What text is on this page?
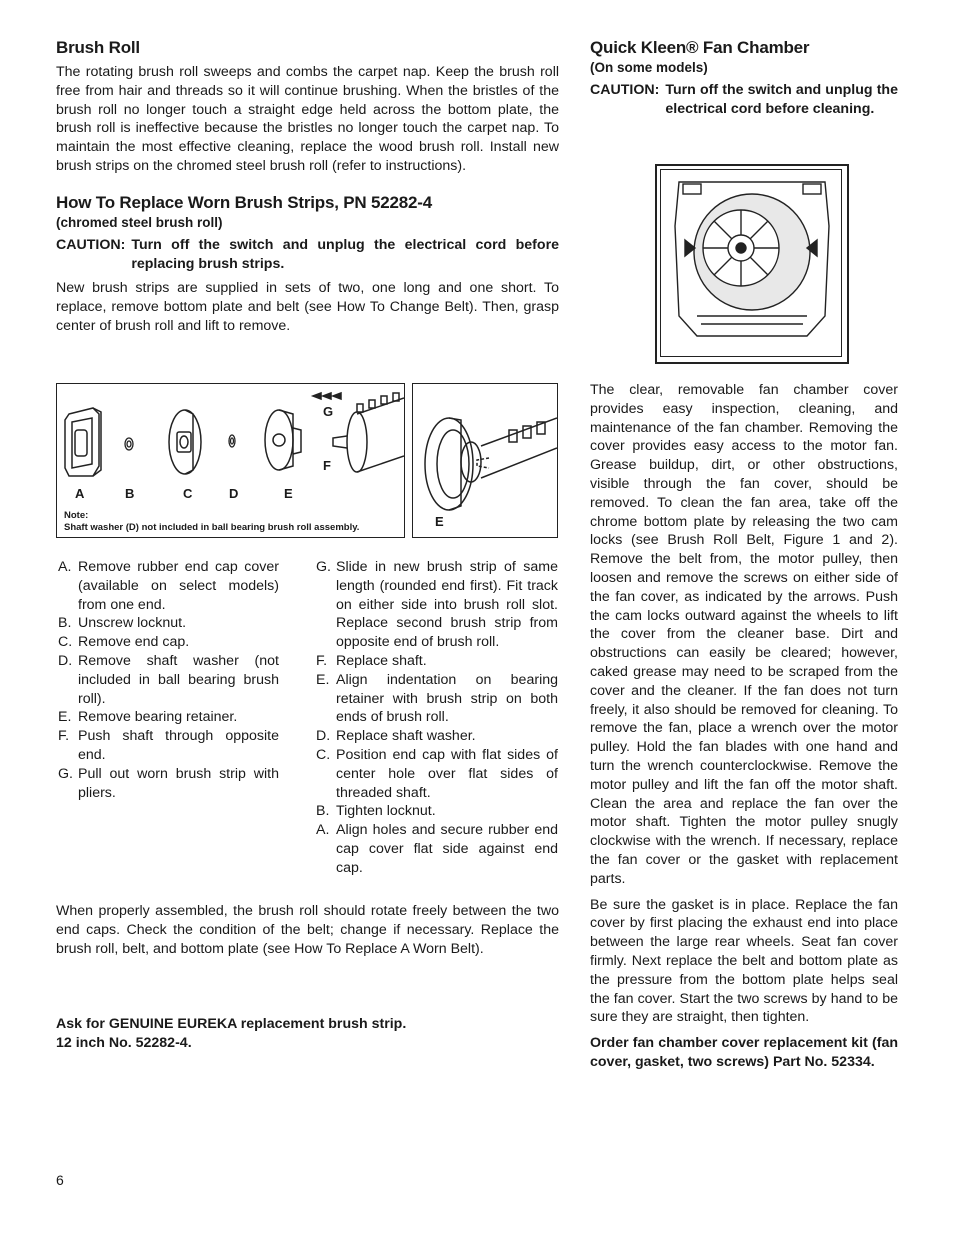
Brush Roll

The rotating brush roll sweeps and combs the carpet nap. Keep the brush roll free from hair and threads so it will continue brushing. When the bristles of the brush roll no longer touch a straight edge held across the bottom plate, the brush roll is ineffective because the bristles no longer touch the carpet nap. To maintain the most effective cleaning, replace the wood brush roll. Install new brush strips on the chromed steel brush roll (refer to instructions).

How To Replace Worn Brush Strips, PN 52282-4
(chromed steel brush roll)
CAUTION: Turn off the switch and unplug the electrical cord before replacing brush strips.

New brush strips are supplied in sets of two, one long and one short. To replace, remove bottom plate and belt (see How To Change Belt). Then, grasp center of brush roll and lift to remove.

A	B	C	D	E
G
F
Note:
Shaft washer (D) not included in ball bearing brush roll assembly.	E
A. Remove rubber end cap cover (available on select models) from one end.
B. Unscrew locknut.
C. Remove end cap.
D. Remove shaft washer (not included in ball bearing brush roll).
E. Remove bearing retainer.
F. Push shaft through opposite end.
G. Pull out worn brush strip with pliers.
G. Slide in new brush strip of same length (rounded end first). Fit track on either side into brush roll slot. Replace second brush strip from opposite end of brush roll.
F. Replace shaft.
E. Align indentation on bearing retainer with brush strip on both ends of brush roll.
D. Replace shaft washer.
C. Position end cap with flat sides of center hole over flat sides of threaded shaft.
B. Tighten locknut.
A. Align holes and secure rubber end cap cover flat side against end cap.

When properly assembled, the brush roll should rotate freely between the two end caps. Check the condition of the belt; change if necessary. Replace the brush roll, belt, and bottom plate (see How To Replace A Worn Belt).

Ask for GENUINE EUREKA replacement brush strip.
12 inch No. 52282-4.
Quick Kleen® Fan Chamber
(On some models)
CAUTION: Turn off the switch and unplug the electrical cord before cleaning.

The clear, removable fan chamber cover provides easy inspection, cleaning, and maintenance of the fan chamber. Removing the cover provides easy access to the motor fan. Grease buildup, dirt, or other obstructions, visible through the fan cover, should be removed. To clean the fan area, take off the chrome bottom plate by releasing the two cam locks (see Brush Roll Belt, Figure 1 and 2). Remove the belt from, the motor pulley, then loosen and remove the screws on either side of the fan cover, as indicated by the arrows. Push the cam locks outward against the wheels to lift the cover from the cleaner base. Dirt and obstructions can easily be cleared; however, caked grease may need to be scraped from the cover and the cleaner. If the fan does not turn freely, it also should be removed for cleaning. To remove the fan, place a wrench over the motor pulley. Hold the fan blades with one hand and turn the wrench counterclockwise. Remove the motor pulley and lift the fan off the motor shaft. Clean the area and replace the fan over the motor shaft. Tighten the motor pulley snugly clockwise with the wrench. If necessary, replace the fan cover or the gasket with replacement parts.

Be sure the gasket is in place. Replace the fan cover by first placing the exhaust end into place between the large rear wheels. Seat fan cover firmly. Next replace the belt and bottom plate as the pressure from the bottom plate helps seal the fan cover. Start the two screws by hand to be sure they are straight, then tighten.

Order fan chamber cover replacement kit (fan cover, gasket, two screws) Part No. 52334.

6
